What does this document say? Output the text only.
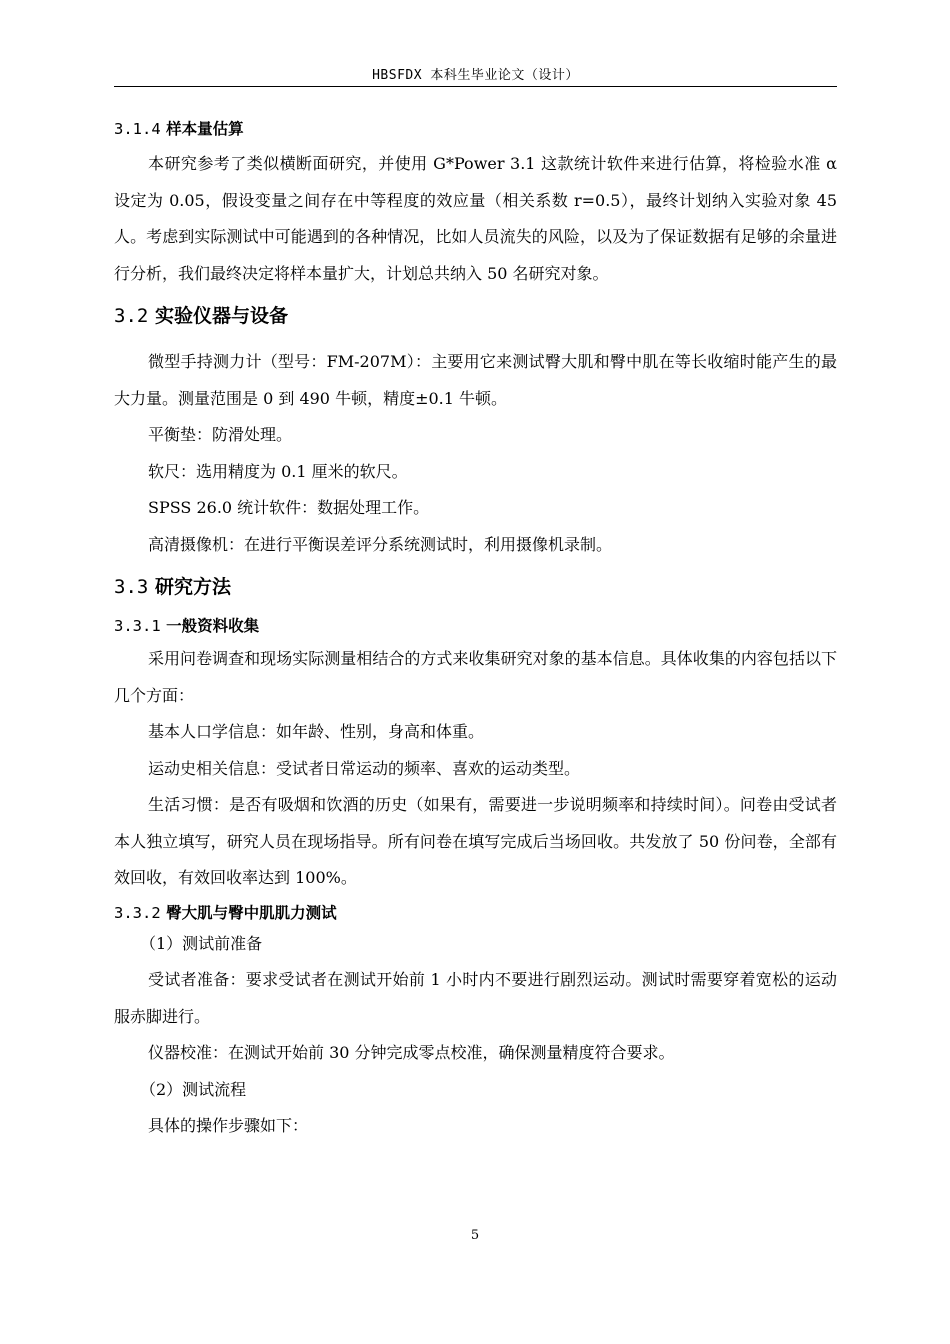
HBSFDX 本科生毕业论文（设计）
3.1.4 样本量估算

本研究参考了类似横断面研究，并使用 G*Power 3.1 这款统计软件来进行估算，将检验水准 α 设定为 0.05，假设变量之间存在中等程度的效应量（相关系数 r=0.5），最终计划纳入实验对象 45 人。考虑到实际测试中可能遇到的各种情况，比如人员流失的风险，以及为了保证数据有足够的余量进行分析，我们最终决定将样本量扩大，计划总共纳入 50 名研究对象。

3.2 实验仪器与设备

微型手持测力计（型号：FM-207M）：主要用它来测试臀大肌和臀中肌在等长收缩时能产生的最大力量。测量范围是 0 到 490 牛顿，精度±0.1 牛顿。

平衡垫：防滑处理。

软尺：选用精度为 0.1 厘米的软尺。

SPSS 26.0 统计软件：数据处理工作。

高清摄像机：在进行平衡误差评分系统测试时，利用摄像机录制。

3.3 研究方法
3.3.1 一般资料收集

采用问卷调查和现场实际测量相结合的方式来收集研究对象的基本信息。具体收集的内容包括以下几个方面：

基本人口学信息：如年龄、性别，身高和体重。

运动史相关信息：受试者日常运动的频率、喜欢的运动类型。

生活习惯：是否有吸烟和饮酒的历史（如果有，需要进一步说明频率和持续时间）。问卷由受试者本人独立填写，研究人员在现场指导。所有问卷在填写完成后当场回收。共发放了 50 份问卷，全部有效回收，有效回收率达到 100%。

3.3.2 臀大肌与臀中肌肌力测试

（1）测试前准备

受试者准备：要求受试者在测试开始前 1 小时内不要进行剧烈运动。测试时需要穿着宽松的运动服赤脚进行。

仪器校准：在测试开始前 30 分钟完成零点校准，确保测量精度符合要求。

（2）测试流程

具体的操作步骤如下：

5
